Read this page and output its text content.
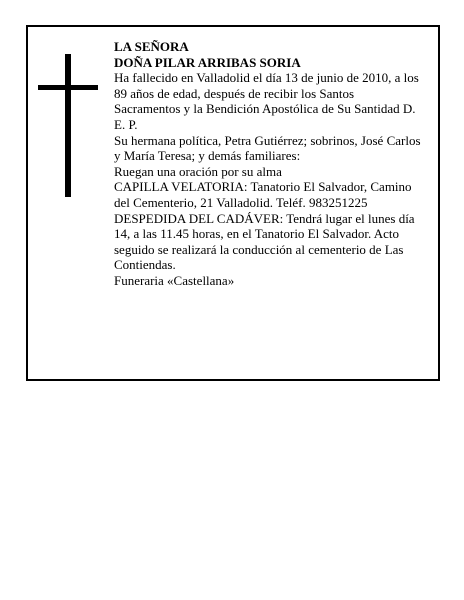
LA SEÑORA

DOÑA PILAR ARRIBAS SORIA

Ha fallecido en Valladolid el día 13 de junio de 2010, a los 89 años de edad, después de recibir los Santos Sacramentos y la Bendición Apostólica de Su Santidad D. E. P.

Su hermana política, Petra Gutiérrez; sobrinos, José Carlos y María Teresa; y demás familiares:

Ruegan una oración por su alma

CAPILLA VELATORIA: Tanatorio El Salvador, Camino del Cementerio, 21 Valladolid. Teléf. 983251225

DESPEDIDA DEL CADÁVER: Tendrá lugar el lunes día 14, a las 11.45 horas, en el Tanatorio El Salvador. Acto seguido se realizará la conducción al cementerio de Las Contiendas.

Funeraria «Castellana»
